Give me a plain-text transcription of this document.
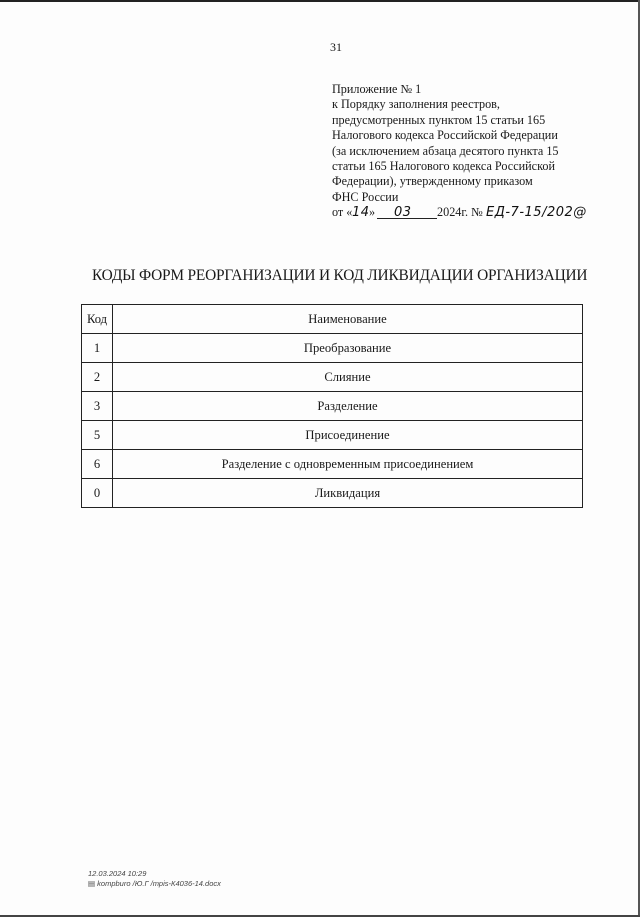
31
Приложение № 1
к Порядку заполнения реестров,
предусмотренных пунктом 15 статьи 165
Налогового кодекса Российской Федерации
(за исключением абзаца десятого пункта 15
статьи 165 Налогового кодекса Российской
Федерации), утвержденному приказом
ФНС России
от « 14 » 03 2024г. № ЕД-7-15/202@
КОДЫ ФОРМ РЕОРГАНИЗАЦИИ И КОД ЛИКВИДАЦИИ ОРГАНИЗАЦИИ
Код	Наименование
1	Преобразование
2	Слияние
3	Разделение
5	Присоединение
6	Разделение с одновременным присоединением
0	Ликвидация
12.03.2024 10:29
▤ kompburo /Ю.Г /mpis-К4036-14.docx
